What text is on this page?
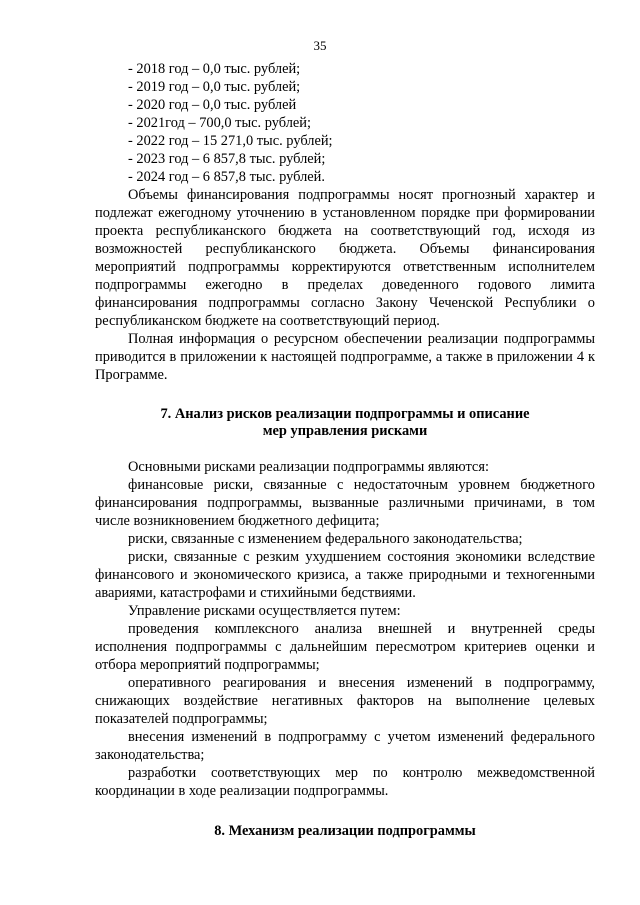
35
- 2018 год – 0,0 тыс. рублей;
- 2019 год – 0,0 тыс. рублей;
- 2020 год – 0,0 тыс. рублей
- 2021год – 700,0 тыс. рублей;
- 2022 год – 15 271,0 тыс. рублей;
- 2023 год – 6 857,8 тыс. рублей;
- 2024 год – 6 857,8 тыс. рублей.

Объемы финансирования подпрограммы носят прогнозный характер и подлежат ежегодному уточнению в установленном порядке при формировании проекта республиканского бюджета на соответствующий год, исходя из возможностей республиканского бюджета. Объемы финансирования мероприятий подпрограммы корректируются ответственным исполнителем подпрограммы ежегодно в пределах доведенного годового лимита финансирования подпрограммы согласно Закону Чеченской Республики о республиканском бюджете на соответствующий период.

Полная информация о ресурсном обеспечении реализации подпрограммы приводится в приложении к настоящей подпрограмме, а также в приложении 4 к Программе.

7. Анализ рисков реализации подпрограммы и описание
мер управления рисками

Основными рисками реализации подпрограммы являются:

финансовые риски, связанные с недостаточным уровнем бюджетного финансирования подпрограммы, вызванные различными причинами, в том числе возникновением бюджетного дефицита;

риски, связанные с изменением федерального законодательства;

риски, связанные с резким ухудшением состояния экономики вследствие финансового и экономического кризиса, а также природными и техногенными авариями, катастрофами и стихийными бедствиями.

Управление рисками осуществляется путем:

проведения комплексного анализа внешней и внутренней среды исполнения подпрограммы с дальнейшим пересмотром критериев оценки и отбора мероприятий подпрограммы;

оперативного реагирования и внесения изменений в подпрограмму, снижающих воздействие негативных факторов на выполнение целевых показателей подпрограммы;

внесения изменений в подпрограмму с учетом изменений федерального законодательства;

разработки соответствующих мер по контролю межведомственной координации в ходе реализации подпрограммы.

8. Механизм реализации подпрограммы
